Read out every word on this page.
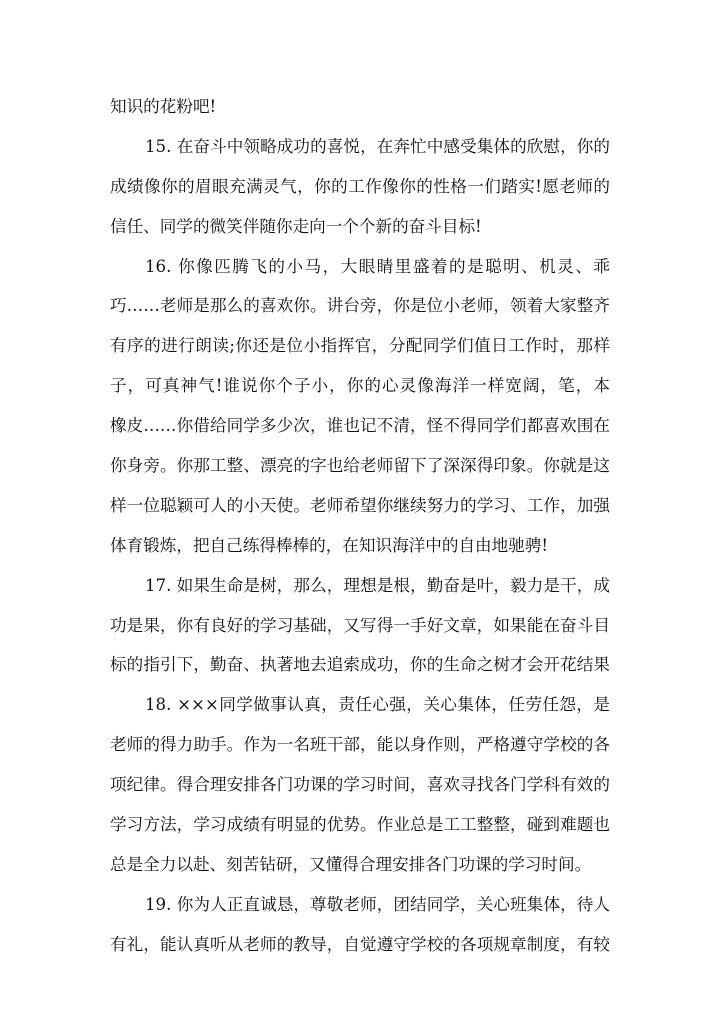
知识的花粉吧!
15. 在奋斗中领略成功的喜悦，在奔忙中感受集体的欣慰，你的
成绩像你的眉眼充满灵气，你的工作像你的性格一们踏实!愿老师的
信任、同学的微笑伴随你走向一个个新的奋斗目标!
16. 你像匹腾飞的小马，大眼睛里盛着的是聪明、机灵、乖
巧……老师是那么的喜欢你。讲台旁，你是位小老师，领着大家整齐
有序的进行朗读;你还是位小指挥官，分配同学们值日工作时，那样
子，可真神气!谁说你个子小，你的心灵像海洋一样宽阔，笔，本
橡皮……你借给同学多少次，谁也记不清，怪不得同学们都喜欢围在
你身旁。你那工整、漂亮的字也给老师留下了深深得印象。你就是这
样一位聪颖可人的小天使。老师希望你继续努力的学习、工作，加强
体育锻炼，把自己练得棒棒的，在知识海洋中的自由地驰骋!
17. 如果生命是树，那么，理想是根，勤奋是叶，毅力是干，成
功是果，你有良好的学习基础，又写得一手好文章，如果能在奋斗目
标的指引下，勤奋、执著地去追索成功，你的生命之树才会开花结果
18. ×××同学做事认真，责任心强，关心集体，任劳任怨，是
老师的得力助手。作为一名班干部，能以身作则，严格遵守学校的各
项纪律。得合理安排各门功课的学习时间，喜欢寻找各门学科有效的
学习方法，学习成绩有明显的优势。作业总是工工整整，碰到难题也
总是全力以赴、刻苦钻研，又懂得合理安排各门功课的学习时间。
19. 你为人正直诚恳，尊敬老师，团结同学，关心班集体，待人
有礼，能认真听从老师的教导，自觉遵守学校的各项规章制度，有较
